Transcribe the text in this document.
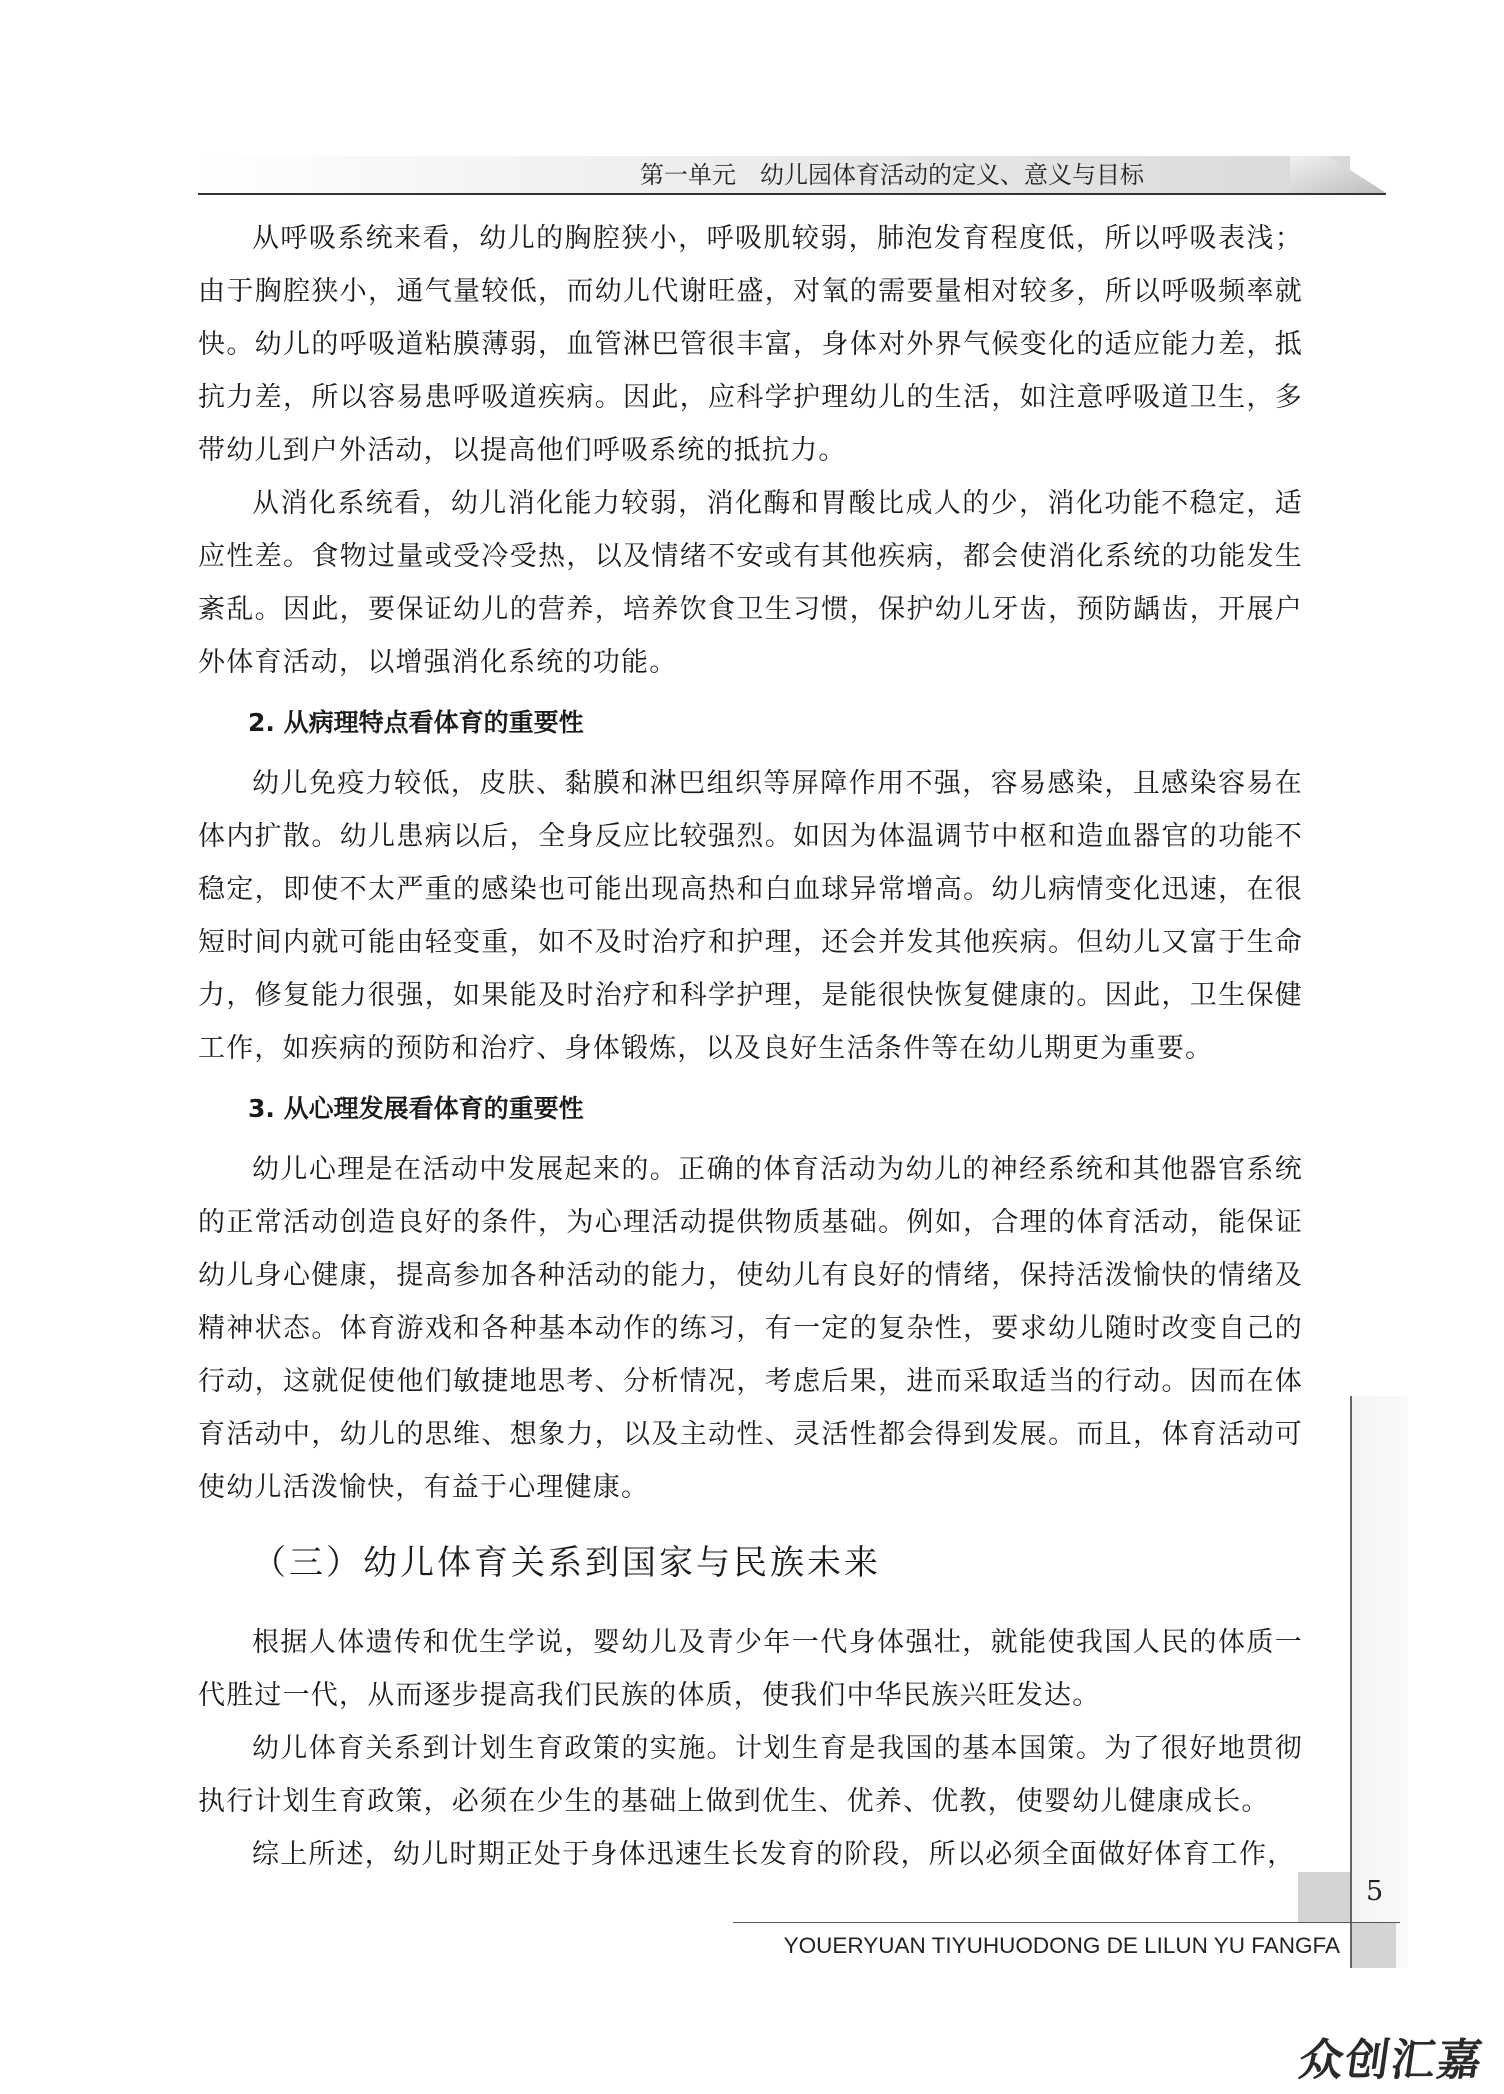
第一单元　幼儿园体育活动的定义、意义与目标

从呼吸系统来看，幼儿的胸腔狭小，呼吸肌较弱，肺泡发育程度低，所以呼吸表浅；由于胸腔狭小，通气量较低，而幼儿代谢旺盛，对氧的需要量相对较多，所以呼吸频率就快。幼儿的呼吸道粘膜薄弱，血管淋巴管很丰富，身体对外界气候变化的适应能力差，抵抗力差，所以容易患呼吸道疾病。因此，应科学护理幼儿的生活，如注意呼吸道卫生，多带幼儿到户外活动，以提高他们呼吸系统的抵抗力。

从消化系统看，幼儿消化能力较弱，消化酶和胃酸比成人的少，消化功能不稳定，适应性差。食物过量或受冷受热，以及情绪不安或有其他疾病，都会使消化系统的功能发生紊乱。因此，要保证幼儿的营养，培养饮食卫生习惯，保护幼儿牙齿，预防龋齿，开展户外体育活动，以增强消化系统的功能。

2. 从病理特点看体育的重要性

幼儿免疫力较低，皮肤、黏膜和淋巴组织等屏障作用不强，容易感染，且感染容易在体内扩散。幼儿患病以后，全身反应比较强烈。如因为体温调节中枢和造血器官的功能不稳定，即使不太严重的感染也可能出现高热和白血球异常增高。幼儿病情变化迅速，在很短时间内就可能由轻变重，如不及时治疗和护理，还会并发其他疾病。但幼儿又富于生命力，修复能力很强，如果能及时治疗和科学护理，是能很快恢复健康的。因此，卫生保健工作，如疾病的预防和治疗、身体锻炼，以及良好生活条件等在幼儿期更为重要。

3. 从心理发展看体育的重要性

幼儿心理是在活动中发展起来的。正确的体育活动为幼儿的神经系统和其他器官系统的正常活动创造良好的条件，为心理活动提供物质基础。例如，合理的体育活动，能保证幼儿身心健康，提高参加各种活动的能力，使幼儿有良好的情绪，保持活泼愉快的情绪及精神状态。体育游戏和各种基本动作的练习，有一定的复杂性，要求幼儿随时改变自己的行动，这就促使他们敏捷地思考、分析情况，考虑后果，进而采取适当的行动。因而在体育活动中，幼儿的思维、想象力，以及主动性、灵活性都会得到发展。而且，体育活动可使幼儿活泼愉快，有益于心理健康。

（三）幼儿体育关系到国家与民族未来

根据人体遗传和优生学说，婴幼儿及青少年一代身体强壮，就能使我国人民的体质一代胜过一代，从而逐步提高我们民族的体质，使我们中华民族兴旺发达。

幼儿体育关系到计划生育政策的实施。计划生育是我国的基本国策。为了很好地贯彻执行计划生育政策，必须在少生的基础上做到优生、优养、优教，使婴幼儿健康成长。

综上所述，幼儿时期正处于身体迅速生长发育的阶段，所以必须全面做好体育工作，

5
YOUERYUAN TIYUHUODONG DE LILUN YU FANGFA
众创汇嘉
